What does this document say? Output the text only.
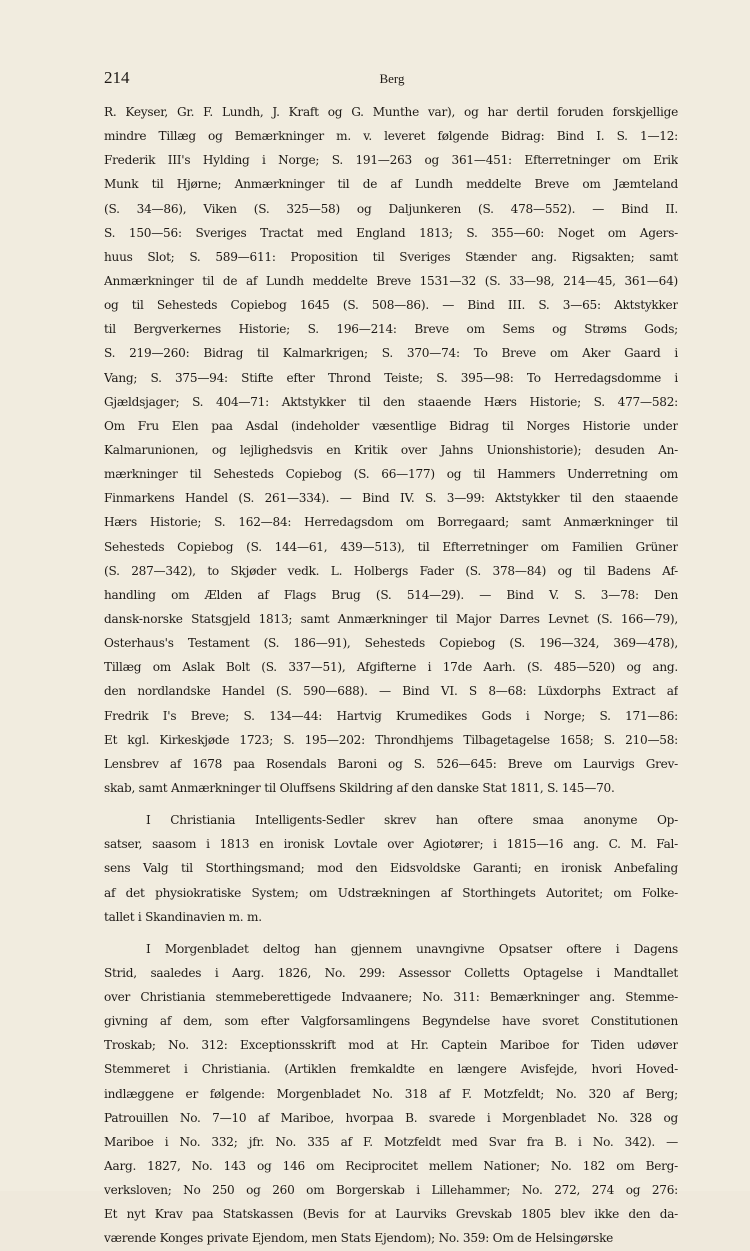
214	Berg
R. Keyser, Gr. F. Lundh, J. Kraft og G. Munthe var), og har dertil foruden forskjellige
mindre Tillæg og Bemærkninger m. v. leveret følgende Bidrag: Bind I. S. 1—12:
Frederik III's Hylding i Norge; S. 191—263 og 361—451: Efterretninger om Erik
Munk til Hjørne; Anmærkninger til de af Lundh meddelte Breve om Jæmteland
(S. 34—86), Viken (S. 325—58) og Daljunkeren (S. 478—552). — Bind II.
S. 150—56: Sveriges Tractat med England 1813; S. 355—60: Noget om Agers-
huus Slot; S. 589—611: Proposition til Sveriges Stænder ang. Rigsakten; samt
Anmærkninger til de af Lundh meddelte Breve 1531—32 (S. 33—98, 214—45, 361—64)
og til Sehesteds Copiebog 1645 (S. 508—86). — Bind III. S. 3—65: Aktstykker
til Bergverkernes Historie; S. 196—214: Breve om Sems og Strøms Gods;
S. 219—260: Bidrag til Kalmarkrigen; S. 370—74: To Breve om Aker Gaard i
Vang; S. 375—94: Stifte efter Thrond Teiste; S. 395—98: To Herredagsdomme i
Gjældsjager; S. 404—71: Aktstykker til den staaende Hærs Historie; S. 477—582:
Om Fru Elen paa Asdal (indeholder væsentlige Bidrag til Norges Historie under
Kalmarunionen, og lejlighedsvis en Kritik over Jahns Unionshistorie); desuden An-
mærkninger til Sehesteds Copiebog (S. 66—177) og til Hammers Underretning om
Finmarkens Handel (S. 261—334). — Bind IV. S. 3—99: Aktstykker til den staaende
Hærs Historie; S. 162—84: Herredagsdom om Borregaard; samt Anmærkninger til
Sehesteds Copiebog (S. 144—61, 439—513), til Efterretninger om Familien Grüner
(S. 287—342), to Skjøder vedk. L. Holbergs Fader (S. 378—84) og til Badens Af-
handling om Ælden af Flags Brug (S. 514—29). — Bind V. S. 3—78: Den
dansk-norske Statsgjeld 1813; samt Anmærkninger til Major Darres Levnet (S. 166—79),
Osterhaus's Testament (S. 186—91), Sehesteds Copiebog (S. 196—324, 369—478),
Tillæg om Aslak Bolt (S. 337—51), Afgifterne i 17de Aarh. (S. 485—520) og ang.
den nordlandske Handel (S. 590—688). — Bind VI. S 8—68: Lüxdorphs Extract af
Fredrik I's Breve; S. 134—44: Hartvig Krumedikes Gods i Norge; S. 171—86:
Et kgl. Kirkeskjøde 1723; S. 195—202: Throndhjems Tilbagetagelse 1658; S. 210—58:
Lensbrev af 1678 paa Rosendals Baroni og S. 526—645: Breve om Laurvigs Grev-
skab, samt Anmærkninger til Oluffsens Skildring af den danske Stat 1811, S. 145—70.
I Christiania Intelligents-Sedler skrev han oftere smaa anonyme Op-
satser, saasom i 1813 en ironisk Lovtale over Agiotører; i 1815—16 ang. C. M. Fal-
sens Valg til Storthingsmand; mod den Eidsvoldske Garanti; en ironisk Anbefaling
af det physiokratiske System; om Udstrækningen af Storthingets Autoritet; om Folke-
tallet i Skandinavien m. m.
I Morgenbladet deltog han gjennem unavngivne Opsatser oftere i Dagens
Strid, saaledes i Aarg. 1826, No. 299: Assessor Colletts Optagelse i Mandtallet
over Christiania stemmeberettigede Indvaanere; No. 311: Bemærkninger ang. Stemme-
givning af dem, som efter Valgforsamlingens Begyndelse have svoret Constitutionen
Troskab; No. 312: Exceptionsskrift mod at Hr. Captein Mariboe for Tiden udøver
Stemmeret i Christiania. (Artiklen fremkaldte en længere Avisfejde, hvori Hoved-
indlæggene er følgende: Morgenbladet No. 318 af F. Motzfeldt; No. 320 af Berg;
Patrouillen No. 7—10 af Mariboe, hvorpaa B. svarede i Morgenbladet No. 328 og
Mariboe i No. 332; jfr. No. 335 af F. Motzfeldt med Svar fra B. i No. 342). —
Aarg. 1827, No. 143 og 146 om Reciprocitet mellem Nationer; No. 182 om Berg-
verksloven; No 250 og 260 om Borgerskab i Lillehammer; No. 272, 274 og 276:
Et nyt Krav paa Statskassen (Bevis for at Laurviks Grevskab 1805 blev ikke den da-
værende Konges private Ejendom, men Stats Ejendom); No. 359: Om de Helsingørske
